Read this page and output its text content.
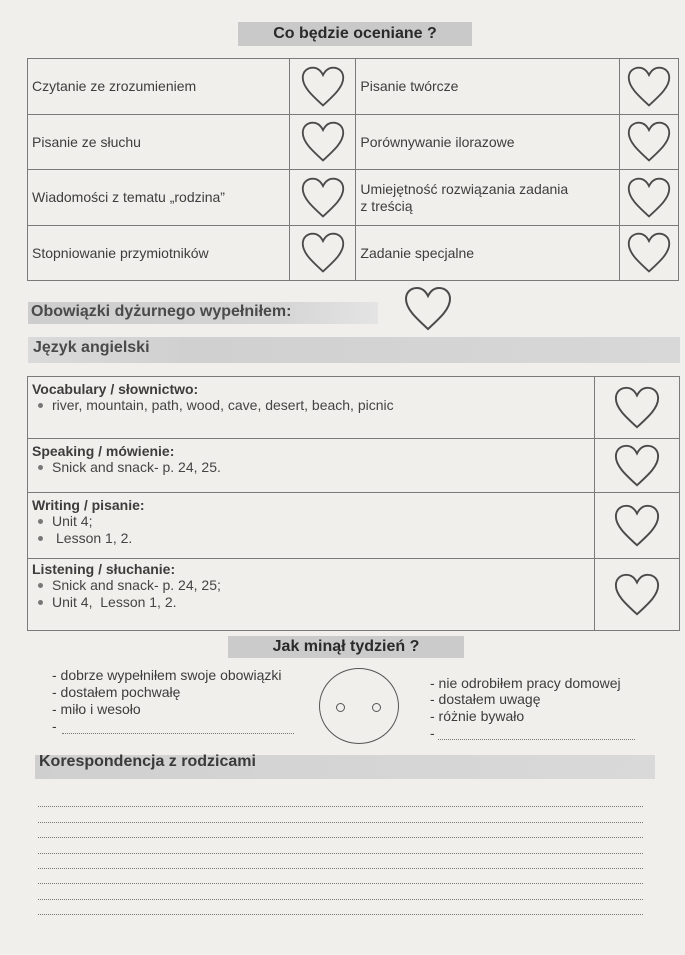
Co będzie oceniane ?
Czytanie ze zrozumieniem		Pisanie twórcze

Pisanie ze słuchu		Porównywanie ilorazowe

Wiadomości z tematu „rodzina”		Umiejętność rozwiązania zadania z treścią

Stopniowanie przymiotników		Zadanie specjalne

Obowiązki dyżurnego wypełniłem:
Język angielski
Vocabulary / słownictwo:
river, mountain, path, wood, cave, desert, beach, picnic

Speaking / mówienie:
Snick and snack- p. 24, 25.

Writing / pisanie:
Unit 4;
Lesson 1, 2.

Listening / słuchanie:
Snick and snack- p. 24, 25;
Unit 4,  Lesson 1, 2.

Jak minął tydzień ?
- dobrze wypełniłem swoje obowiązki
- dostałem pochwałę
- miło i wesoło
-
- nie odrobiłem pracy domowej
- dostałem uwagę
- różnie bywało
-
Korespondencja z rodzicami
